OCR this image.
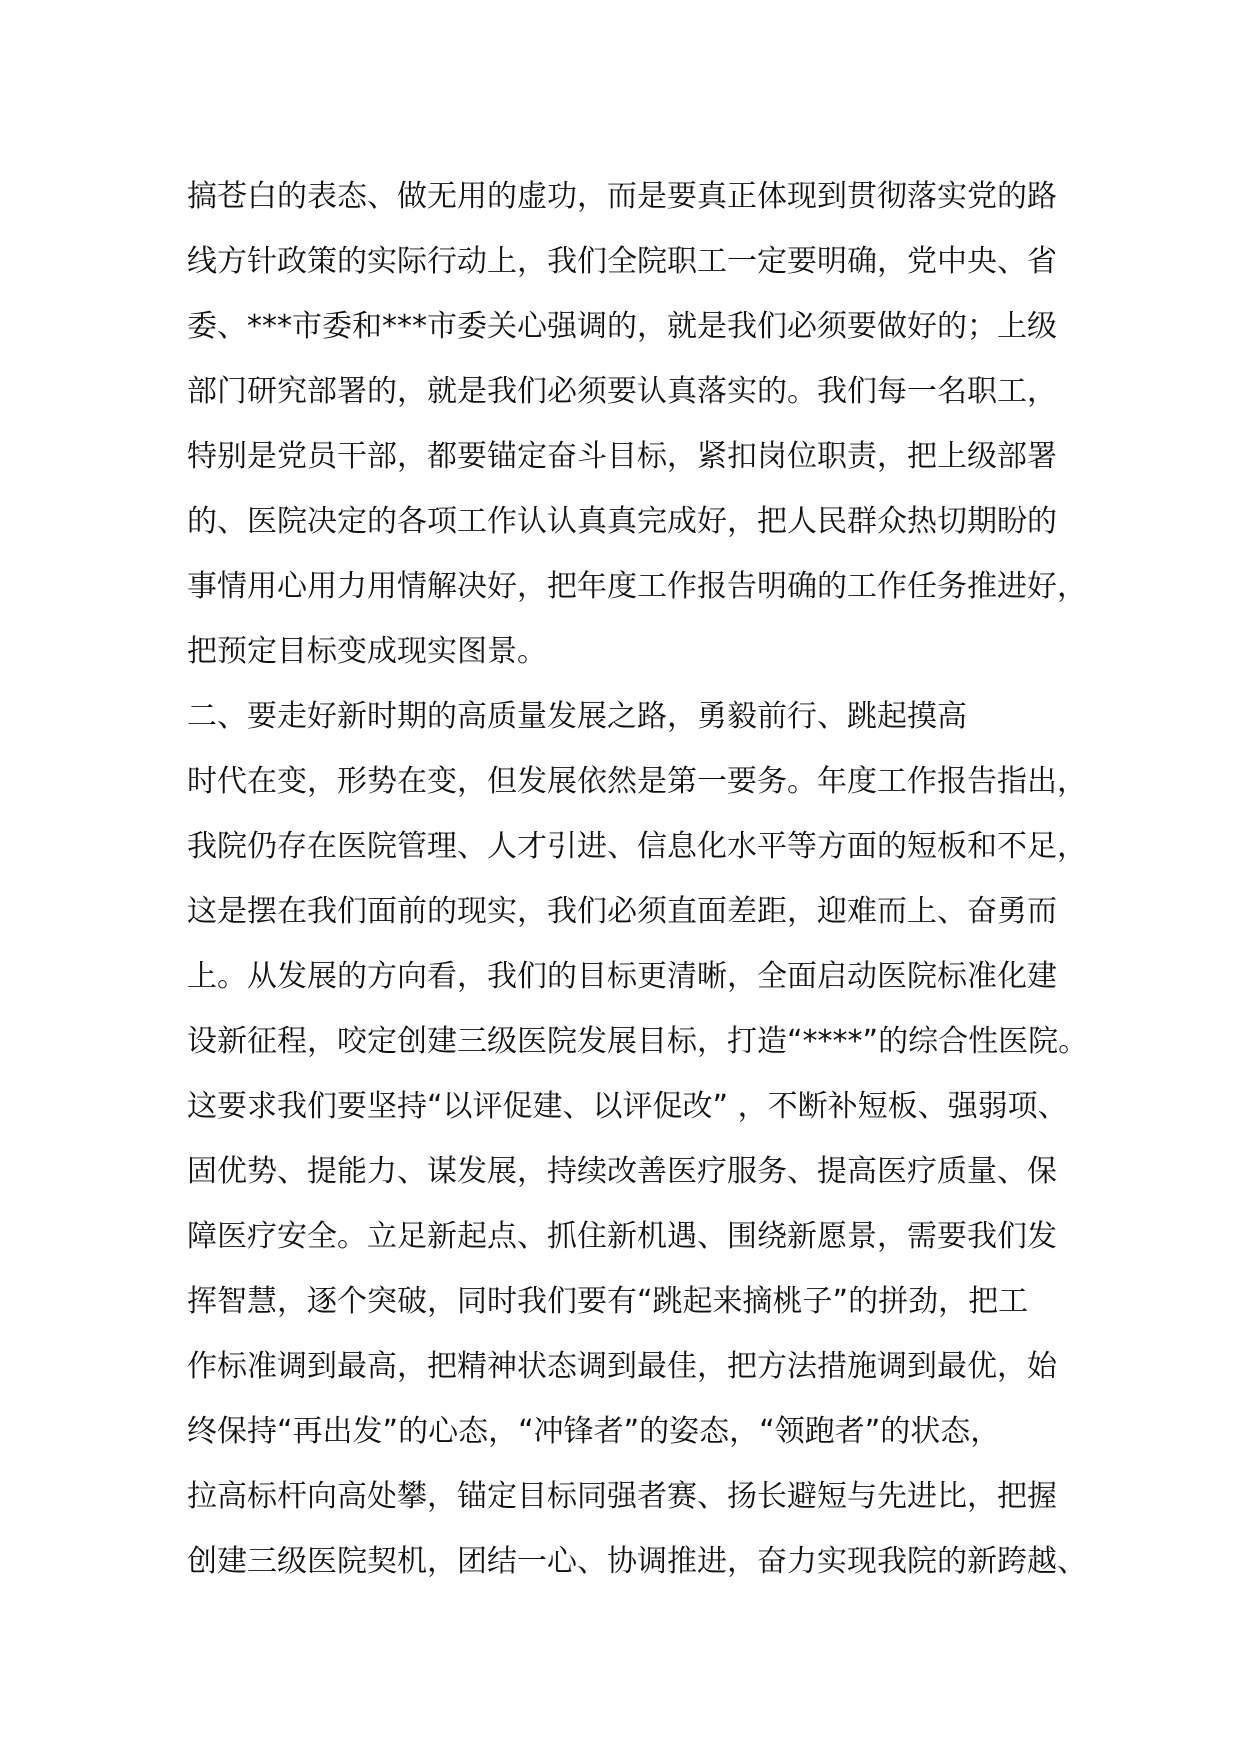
搞苍白的表态、做无用的虚功，而是要真正体现到贯彻落实党的路
线方针政策的实际行动上，我们全院职工一定要明确，党中央、省
委、***市委和***市委关心强调的，就是我们必须要做好的；上级
部门研究部署的，就是我们必须要认真落实的。我们每一名职工，
特别是党员干部，都要锚定奋斗目标，紧扣岗位职责，把上级部署
的、医院决定的各项工作认认真真完成好，把人民群众热切期盼的
事情用心用力用情解决好，把年度工作报告明确的工作任务推进好，
把预定目标变成现实图景。
二、要走好新时期的高质量发展之路，勇毅前行、跳起摸高
时代在变，形势在变，但发展依然是第一要务。年度工作报告指出，
我院仍存在医院管理、人才引进、信息化水平等方面的短板和不足，
这是摆在我们面前的现实，我们必须直面差距，迎难而上、奋勇而
上。从发展的方向看，我们的目标更清晰，全面启动医院标准化建
设新征程，咬定创建三级医院发展目标，打造“****”的综合性医院。
这要求我们要坚持“以评促建、以评促改” ，不断补短板、强弱项、
固优势、提能力、谋发展，持续改善医疗服务、提高医疗质量、保
障医疗安全。立足新起点、抓住新机遇、围绕新愿景，需要我们发
挥智慧，逐个突破，同时我们要有“跳起来摘桃子”的拼劲，把工
作标准调到最高，把精神状态调到最佳，把方法措施调到最优，始
终保持“再出发”的心态，“冲锋者”的姿态，“领跑者”的状态，
拉高标杆向高处攀，锚定目标同强者赛、扬长避短与先进比，把握
创建三级医院契机，团结一心、协调推进，奋力实现我院的新跨越、
